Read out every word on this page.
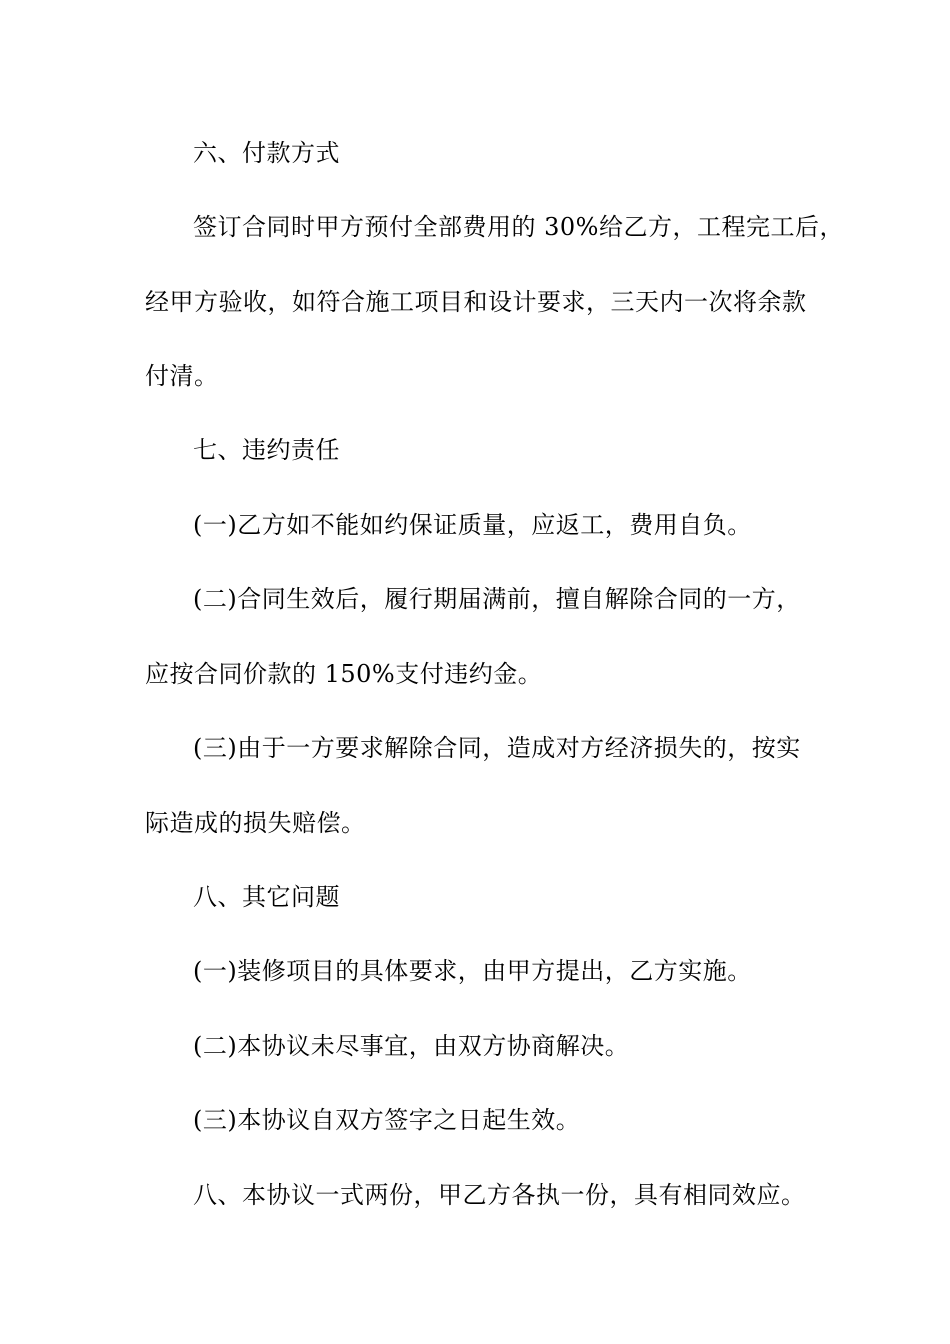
六、付款方式
签订合同时甲方预付全部费用的 30%给乙方，工程完工后，
经甲方验收，如符合施工项目和设计要求，三天内一次将余款
付清。
七、违约责任
(一)乙方如不能如约保证质量，应返工，费用自负。
(二)合同生效后，履行期届满前，擅自解除合同的一方，
应按合同价款的 150%支付违约金。
(三)由于一方要求解除合同，造成对方经济损失的，按实
际造成的损失赔偿。
八、其它问题
(一)装修项目的具体要求，由甲方提出，乙方实施。
(二)本协议未尽事宜，由双方协商解决。
(三)本协议自双方签字之日起生效。
八、本协议一式两份，甲乙方各执一份，具有相同效应。
